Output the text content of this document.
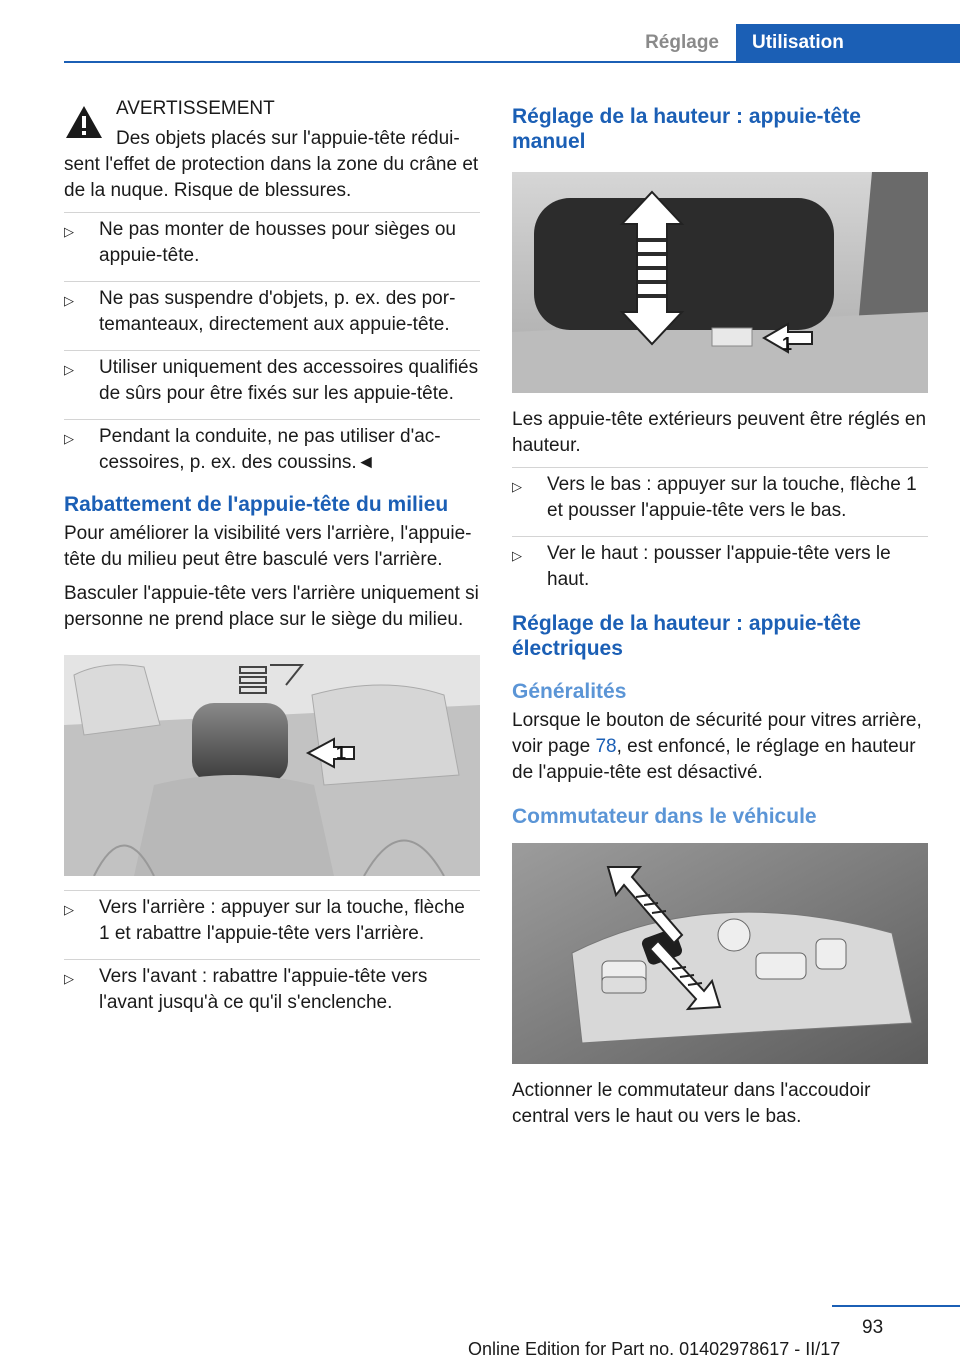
Réglage	Utilisation
AVERTISSEMENT

Des objets placés sur l'appuie-tête réduisent l'effet de protection dans la zone du crâne et de la nuque. Risque de blessures.

▷ Ne pas monter de housses pour sièges ou appuie-tête.
▷ Ne pas suspendre d'objets, p. ex. des portemanteaux, directement aux appuie-tête.
▷ Utiliser uniquement des accessoires qualifiés de sûrs pour être fixés sur les appuie-tête.
▷ Pendant la conduite, ne pas utiliser d'accessoires, p. ex. des coussins.◄
Rabattement de l'appuie-tête du milieu

Pour améliorer la visibilité vers l'arrière, l'appuie-tête du milieu peut être basculé vers l'arrière.

Basculer l'appuie-tête vers l'arrière uniquement si personne ne prend place sur le siège du milieu.

1
▷ Vers l'arrière : appuyer sur la touche, flèche 1 et rabattre l'appuie-tête vers l'arrière.
▷ Vers l'avant : rabattre l'appuie-tête vers l'avant jusqu'à ce qu'il s'enclenche.
Réglage de la hauteur : appuie-tête manuel
1

Les appuie-tête extérieurs peuvent être réglés en hauteur.

▷ Vers le bas : appuyer sur la touche, flèche 1 et pousser l'appuie-tête vers le bas.
▷ Ver le haut : pousser l'appuie-tête vers le haut.
Réglage de la hauteur : appuie-tête électriques
Généralités

Lorsque le bouton de sécurité pour vitres arrière, voir page 78, est enfoncé, le réglage en hauteur de l'appuie-tête est désactivé.

Commutateur dans le véhicule

Actionner le commutateur dans l'accoudoir central vers le haut ou vers le bas.

93
Online Edition for Part no. 01402978617 - II/17
